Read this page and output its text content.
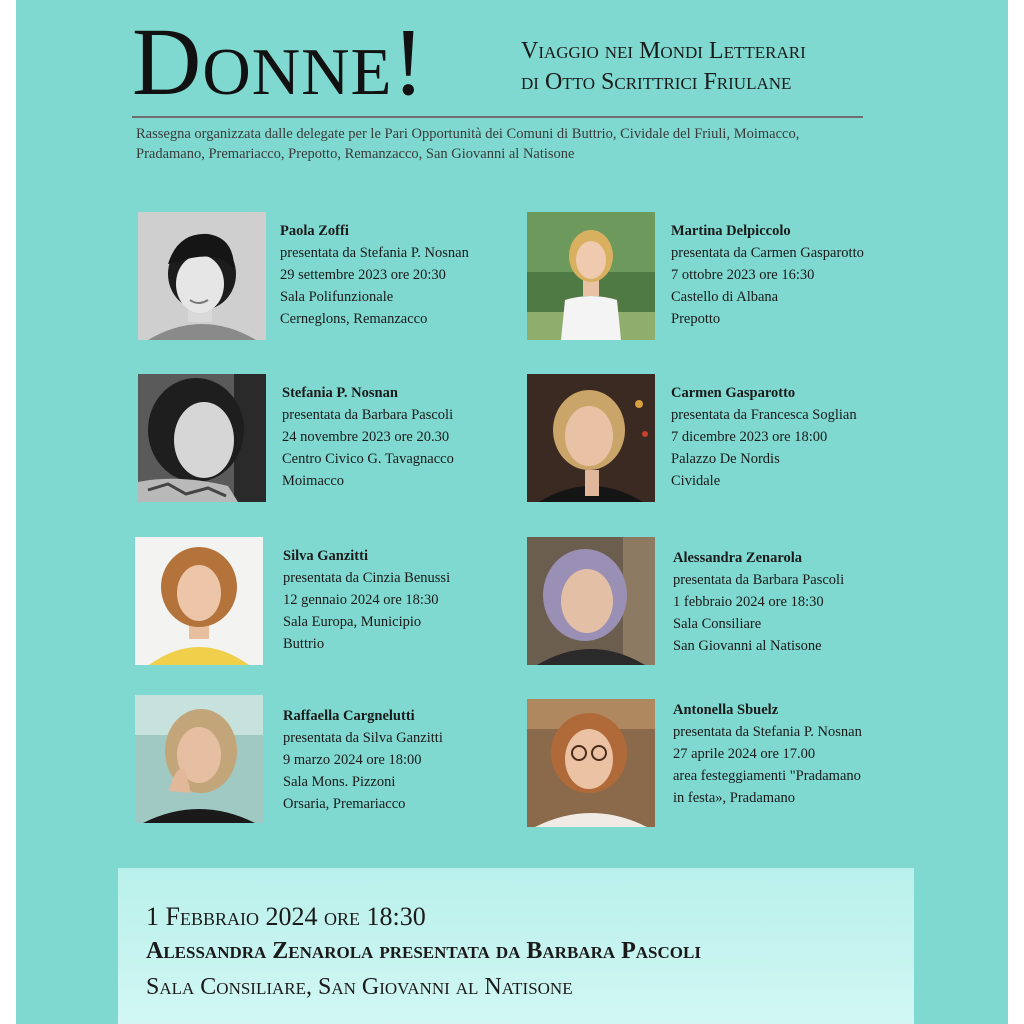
Donne!	Viaggio nei Mondi Letterari
di Otto Scrittrici Friulane
Rassegna organizzata dalle delegate per le Pari Opportunità dei Comuni di Buttrio, Cividale del Friuli, Moimacco,
Pradamano, Premariacco, Prepotto, Remanzacco, San Giovanni al Natisone
Paola Zoffi
presentata da Stefania P. Nosnan
29 settembre 2023 ore 20:30
Sala Polifunzionale
Cerneglons, Remanzacco
Martina Delpiccolo
presentata da Carmen Gasparotto
7 ottobre 2023 ore 16:30
Castello di Albana
Prepotto
Stefania P. Nosnan
presentata da Barbara Pascoli
24 novembre 2023 ore 20.30
Centro Civico G. Tavagnacco
Moimacco
Carmen Gasparotto
presentata da Francesca Soglian
7 dicembre 2023 ore 18:00
Palazzo De Nordis
Cividale
Silva Ganzitti
presentata da Cinzia Benussi
12 gennaio 2024 ore 18:30
Sala Europa, Municipio
Buttrio
Alessandra Zenarola
presentata da Barbara Pascoli
1 febbraio 2024 ore 18:30
Sala Consiliare
San Giovanni al Natisone
Raffaella Cargnelutti
presentata da Silva Ganzitti
9 marzo 2024 ore 18:00
Sala Mons. Pizzoni
Orsaria, Premariacco
Antonella Sbuelz
presentata da Stefania P. Nosnan
27 aprile 2024 ore 17.00
area festeggiamenti "Pradamano
in festa», Pradamano
1 Febbraio 2024 ore 18:30
Alessandra Zenarola presentata da Barbara Pascoli
Sala Consiliare, San Giovanni al Natisone
